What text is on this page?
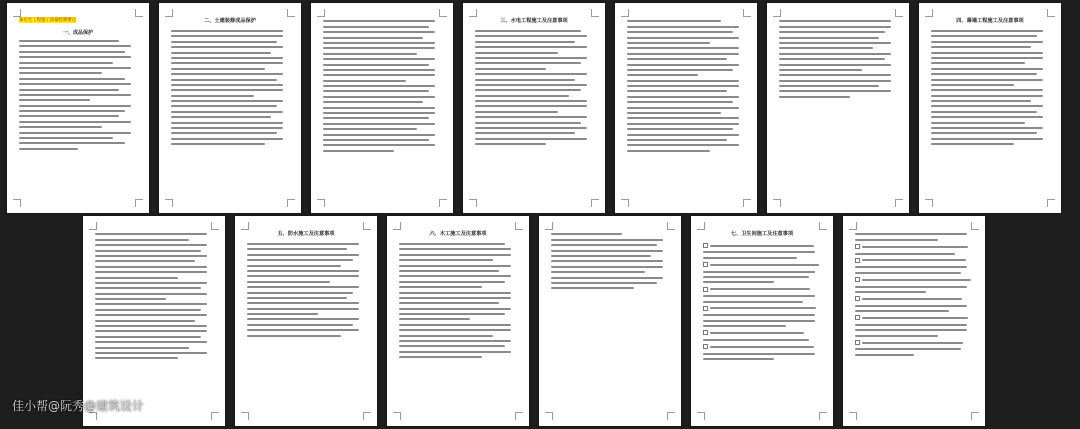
某住宅工程施工质量控制要点
一、成品保护
二、土建装修成品保护	三、水电工程施工及注意事项	四、幕墙工程施工及注意事项
五、防水施工及注意事项	六、木工施工及注意事项	七、卫生间施工及注意事项
佳小帮@阮秀@建筑设计
